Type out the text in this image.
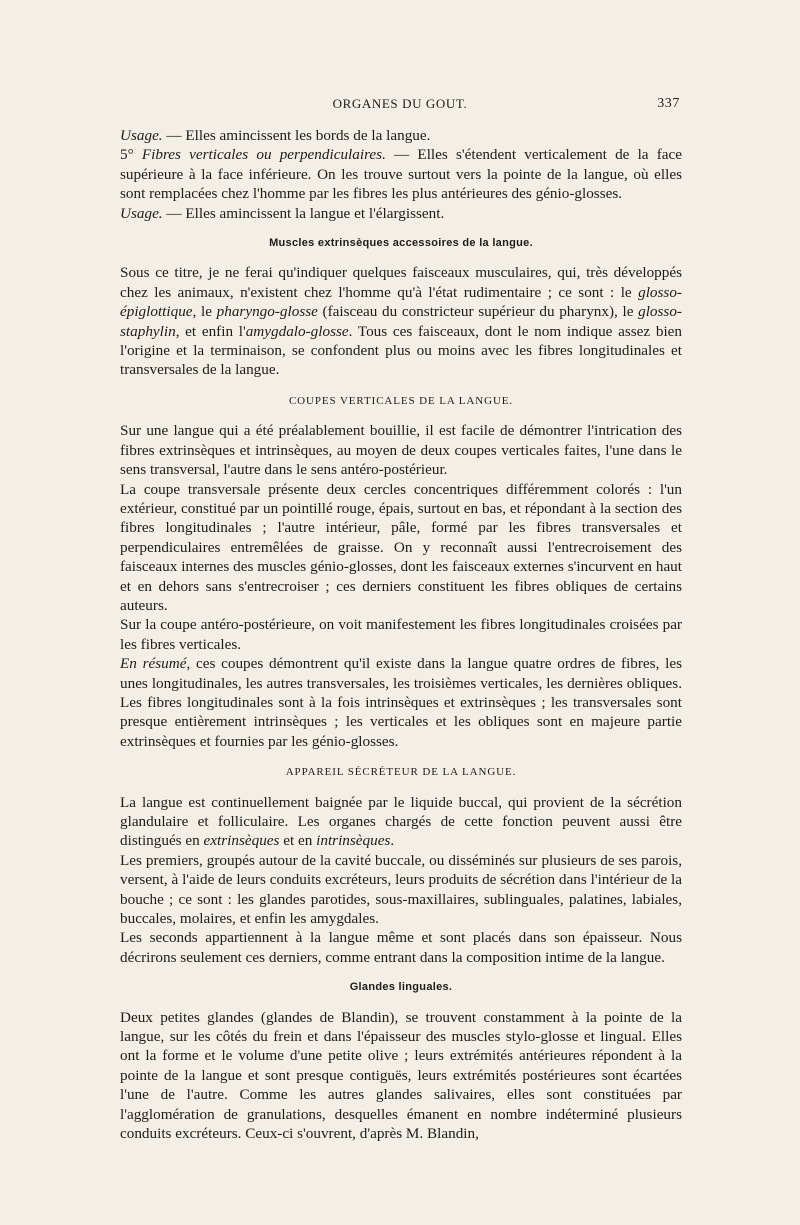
ORGANES DU GOUT.	337

Usage. — Elles amincissent les bords de la langue.

5° Fibres verticales ou perpendiculaires. — Elles s'étendent verticalement de la face supérieure à la face inférieure. On les trouve surtout vers la pointe de la langue, où elles sont remplacées chez l'homme par les fibres les plus antérieures des génio-glosses.

Usage. — Elles amincissent la langue et l'élargissent.

Muscles extrinsèques accessoires de la langue.

Sous ce titre, je ne ferai qu'indiquer quelques faisceaux musculaires, qui, très développés chez les animaux, n'existent chez l'homme qu'à l'état rudimentaire ; ce sont : le glosso-épiglottique, le pharyngo-glosse (faisceau du constricteur supérieur du pharynx), le glosso-staphylin, et enfin l'amygdalo-glosse. Tous ces faisceaux, dont le nom indique assez bien l'origine et la terminaison, se confondent plus ou moins avec les fibres longitudinales et transversales de la langue.

COUPES VERTICALES DE LA LANGUE.

Sur une langue qui a été préalablement bouillie, il est facile de démontrer l'intrication des fibres extrinsèques et intrinsèques, au moyen de deux coupes verticales faites, l'une dans le sens transversal, l'autre dans le sens antéro-postérieur.

La coupe transversale présente deux cercles concentriques différemment colorés : l'un extérieur, constitué par un pointillé rouge, épais, surtout en bas, et répondant à la section des fibres longitudinales ; l'autre intérieur, pâle, formé par les fibres transversales et perpendiculaires entremêlées de graisse. On y reconnaît aussi l'entrecroisement des faisceaux internes des muscles génio-glosses, dont les faisceaux externes s'incurvent en haut et en dehors sans s'entrecroiser ; ces derniers constituent les fibres obliques de certains auteurs.

Sur la coupe antéro-postérieure, on voit manifestement les fibres longitudinales croisées par les fibres verticales.

En résumé, ces coupes démontrent qu'il existe dans la langue quatre ordres de fibres, les unes longitudinales, les autres transversales, les troisièmes verticales, les dernières obliques. Les fibres longitudinales sont à la fois intrinsèques et extrinsèques ; les transversales sont presque entièrement intrinsèques ; les verticales et les obliques sont en majeure partie extrinsèques et fournies par les génio-glosses.

APPAREIL SÉCRÉTEUR DE LA LANGUE.

La langue est continuellement baignée par le liquide buccal, qui provient de la sécrétion glandulaire et folliculaire. Les organes chargés de cette fonction peuvent aussi être distingués en extrinsèques et en intrinsèques.

Les premiers, groupés autour de la cavité buccale, ou disséminés sur plusieurs de ses parois, versent, à l'aide de leurs conduits excréteurs, leurs produits de sécrétion dans l'intérieur de la bouche ; ce sont : les glandes parotides, sous-maxillaires, sublinguales, palatines, labiales, buccales, molaires, et enfin les amygdales.

Les seconds appartiennent à la langue même et sont placés dans son épaisseur. Nous décrirons seulement ces derniers, comme entrant dans la composition intime de la langue.

Glandes linguales.

Deux petites glandes (glandes de Blandin), se trouvent constamment à la pointe de la langue, sur les côtés du frein et dans l'épaisseur des muscles stylo-glosse et lingual. Elles ont la forme et le volume d'une petite olive ; leurs extrémités antérieures répondent à la pointe de la langue et sont presque contiguës, leurs extrémités postérieures sont écartées l'une de l'autre. Comme les autres glandes salivaires, elles sont constituées par l'agglomération de granulations, desquelles émanent en nombre indéterminé plusieurs conduits excréteurs. Ceux-ci s'ouvrent, d'après M. Blandin,
